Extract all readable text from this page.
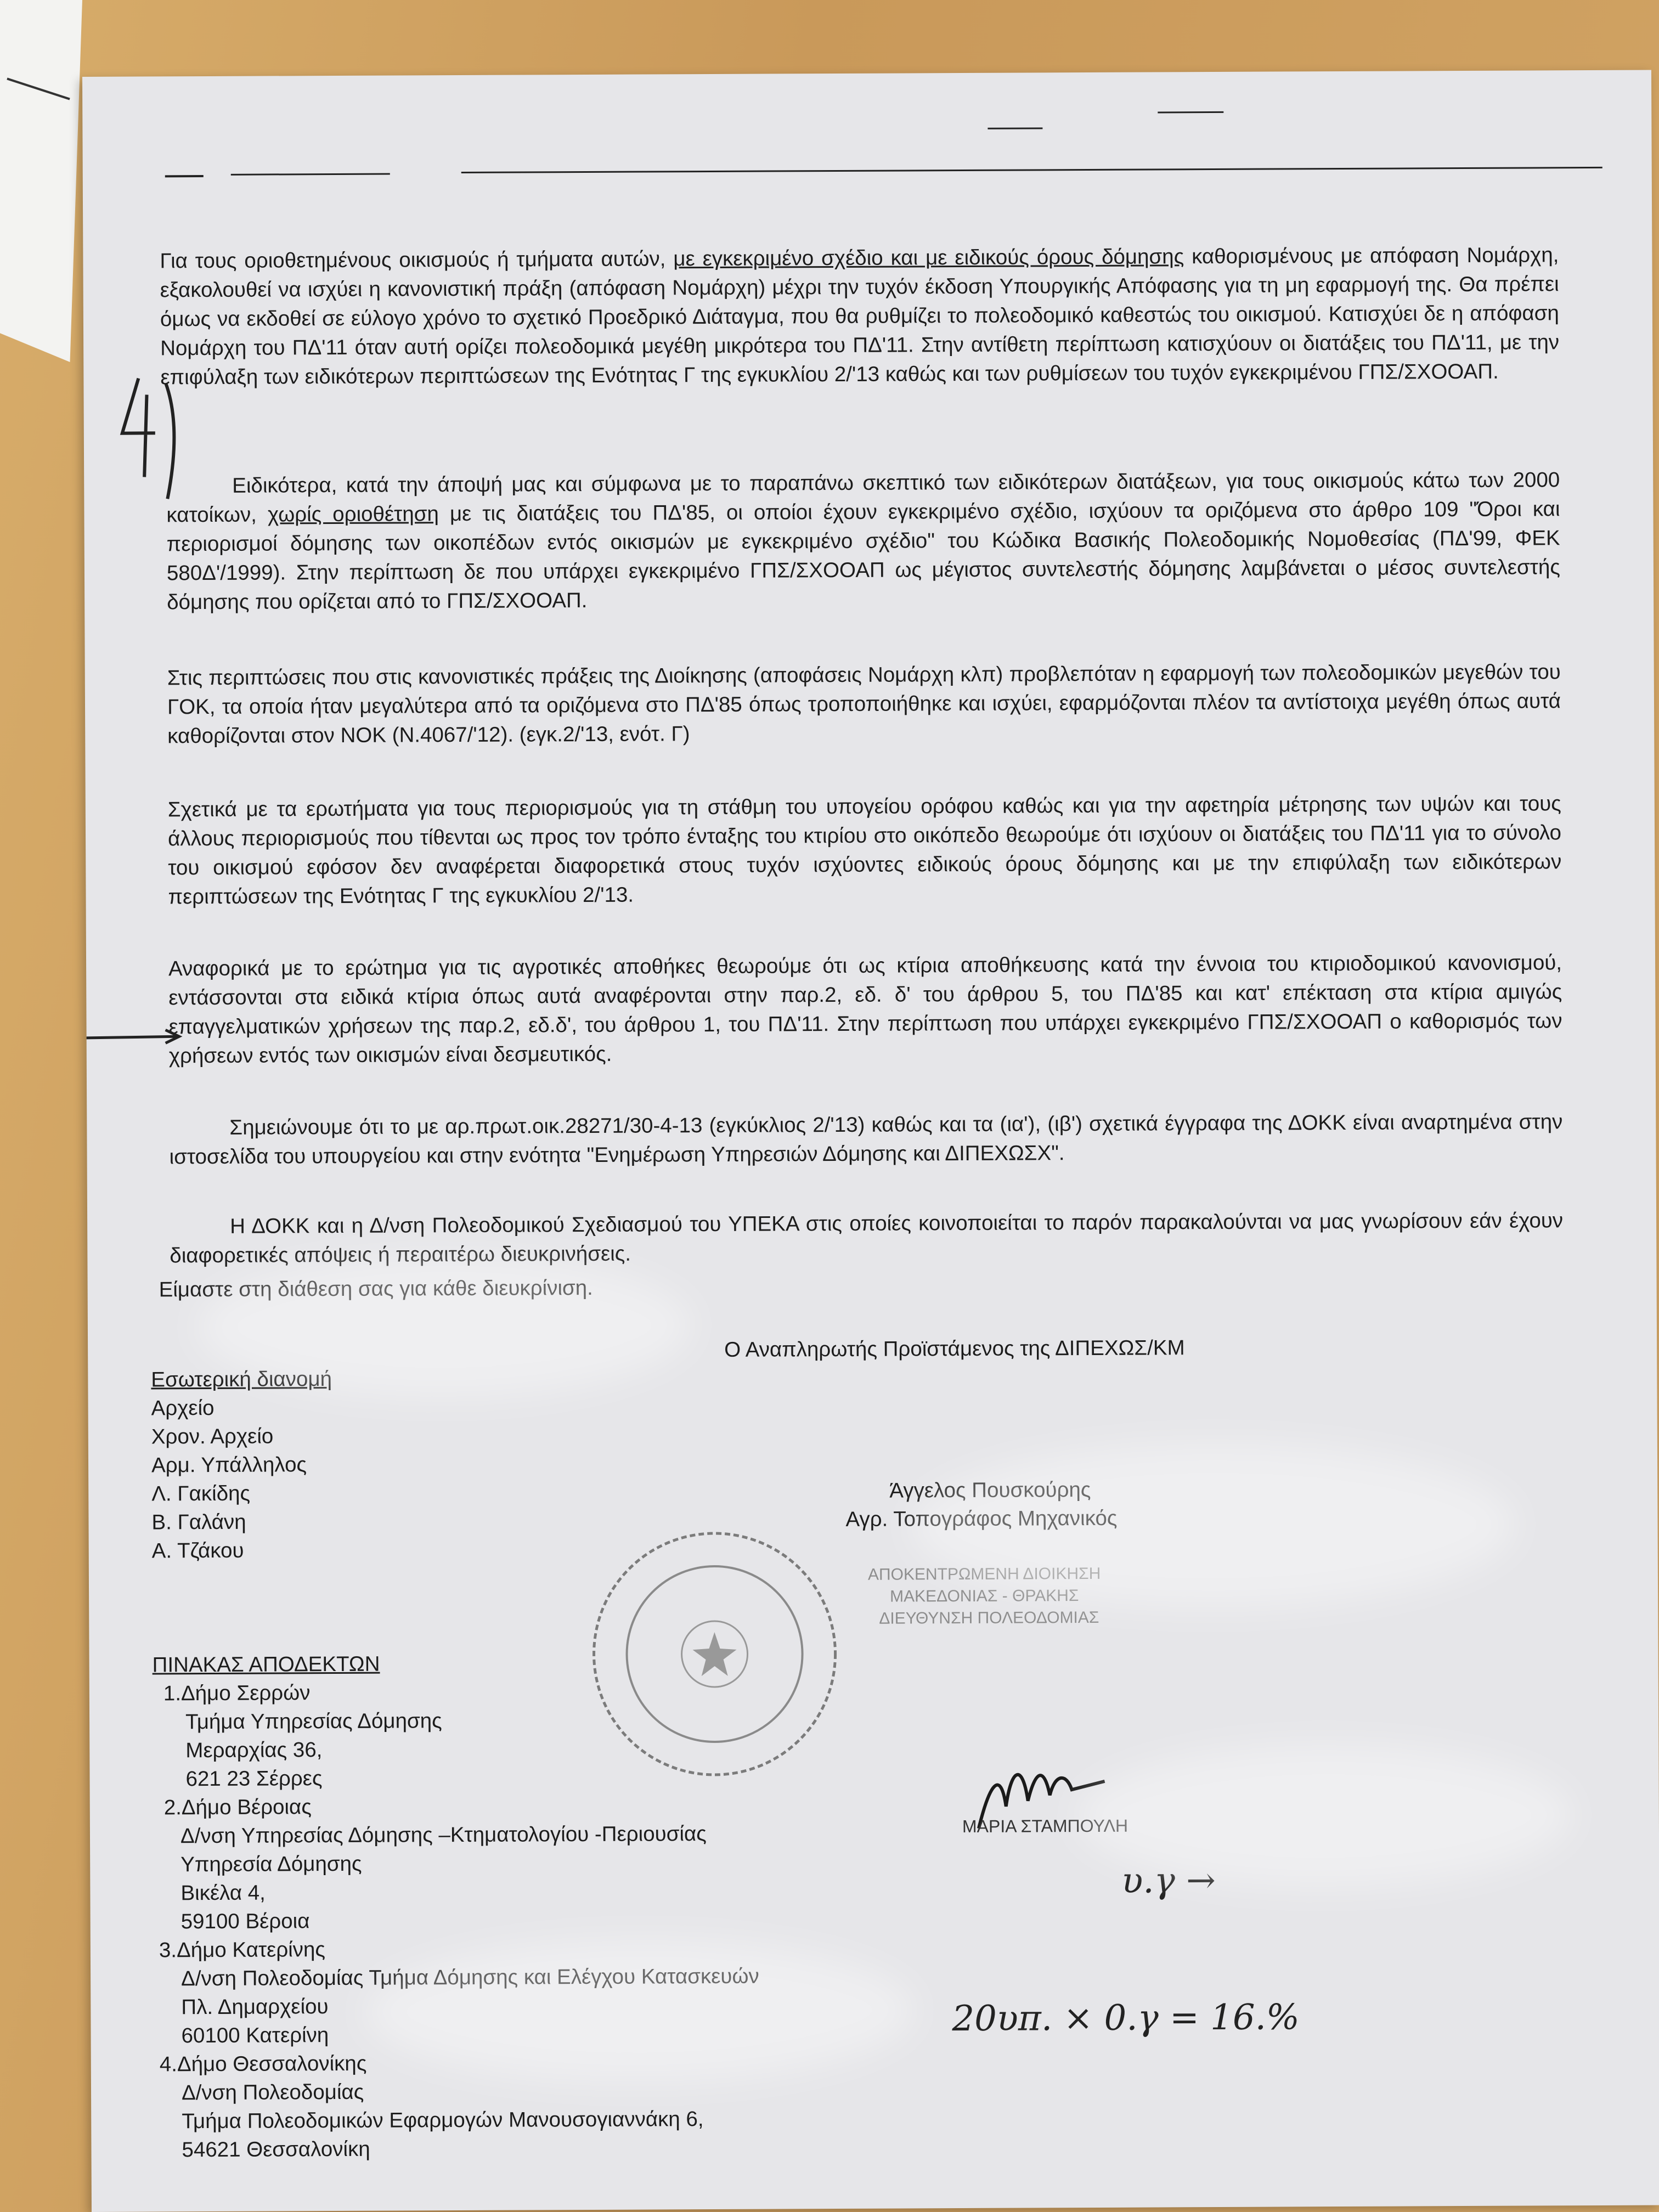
Για τους οριοθετημένους οικισμούς ή τμήματα αυτών, με εγκεκριμένο σχέδιο και με ειδικούς όρους δόμησης καθορισμένους με απόφαση Νομάρχη, εξακολουθεί να ισχύει η κανονιστική πράξη (απόφαση Νομάρχη) μέχρι την τυχόν έκδοση Υπουργικής Απόφασης για τη μη εφαρμογή της. Θα πρέπει όμως να εκδοθεί σε εύλογο χρόνο το σχετικό Προεδρικό Διάταγμα, που θα ρυθμίζει το πολεοδομικό καθεστώς του οικισμού. Κατισχύει δε η απόφαση Νομάρχη του ΠΔ'11 όταν αυτή ορίζει πολεοδομικά μεγέθη μικρότερα του ΠΔ'11. Στην αντίθετη περίπτωση κατισχύουν οι διατάξεις του ΠΔ'11, με την επιφύλαξη των ειδικότερων περιπτώσεων της Ενότητας Γ της εγκυκλίου 2/'13 καθώς και των ρυθμίσεων του τυχόν εγκεκριμένου ΓΠΣ/ΣΧΟΟΑΠ.
Ειδικότερα, κατά την άποψή μας και σύμφωνα με το παραπάνω σκεπτικό των ειδικότερων διατάξεων, για τους οικισμούς κάτω των 2000 κατοίκων, χωρίς οριοθέτηση με τις διατάξεις του ΠΔ'85, οι οποίοι έχουν εγκεκριμένο σχέδιο, ισχύουν τα οριζόμενα στο άρθρο 109 "Όροι και περιορισμοί δόμησης των οικοπέδων εντός οικισμών με εγκεκριμένο σχέδιο" του Κώδικα Βασικής Πολεοδομικής Νομοθεσίας (ΠΔ'99, ΦΕΚ 580Δ'/1999). Στην περίπτωση δε που υπάρχει εγκεκριμένο ΓΠΣ/ΣΧΟΟΑΠ ως μέγιστος συντελεστής δόμησης λαμβάνεται ο μέσος συντελεστής δόμησης που ορίζεται από το ΓΠΣ/ΣΧΟΟΑΠ.
Στις περιπτώσεις που στις κανονιστικές πράξεις της Διοίκησης (αποφάσεις Νομάρχη κλπ) προβλεπόταν η εφαρμογή των πολεοδομικών μεγεθών του ΓΟΚ, τα οποία ήταν μεγαλύτερα από τα οριζόμενα στο ΠΔ'85 όπως τροποποιήθηκε και ισχύει, εφαρμόζονται πλέον τα αντίστοιχα μεγέθη όπως αυτά καθορίζονται στον ΝΟΚ (Ν.4067/'12). (εγκ.2/'13, ενότ. Γ)
Σχετικά με τα ερωτήματα για τους περιορισμούς για τη στάθμη του υπογείου ορόφου καθώς και για την αφετηρία μέτρησης των υψών και τους άλλους περιορισμούς που τίθενται ως προς τον τρόπο ένταξης του κτιρίου στο οικόπεδο θεωρούμε ότι ισχύουν οι διατάξεις του ΠΔ'11 για το σύνολο του οικισμού εφόσον δεν αναφέρεται διαφορετικά στους τυχόν ισχύοντες ειδικούς όρους δόμησης και με την επιφύλαξη των ειδικότερων περιπτώσεων της Ενότητας Γ της εγκυκλίου 2/'13.
Αναφορικά με το ερώτημα για τις αγροτικές αποθήκες θεωρούμε ότι ως κτίρια αποθήκευσης κατά την έννοια του κτιριοδομικού κανονισμού, εντάσσονται στα ειδικά κτίρια όπως αυτά αναφέρονται στην παρ.2, εδ. δ' του άρθρου 5, του ΠΔ'85 και κατ' επέκταση στα κτίρια αμιγώς επαγγελματικών χρήσεων της παρ.2, εδ.δ', του άρθρου 1, του ΠΔ'11. Στην περίπτωση που υπάρχει εγκεκριμένο ΓΠΣ/ΣΧΟΟΑΠ ο καθορισμός των χρήσεων εντός των οικισμών είναι δεσμευτικός.
Σημειώνουμε ότι το με αρ.πρωτ.οικ.28271/30-4-13 (εγκύκλιος 2/'13) καθώς και τα (ια'), (ιβ') σχετικά έγγραφα της ΔΟΚΚ είναι αναρτημένα στην ιστοσελίδα του υπουργείου και στην ενότητα "Ενημέρωση Υπηρεσιών Δόμησης και ΔΙΠΕΧΩΣΧ".
Η ΔΟΚΚ και η Δ/νση Πολεοδομικού Σχεδιασμού του ΥΠΕΚΑ στις οποίες κοινοποιείται το παρόν παρακαλούνται να μας γνωρίσουν εάν έχουν διαφορετικές απόψεις ή περαιτέρω διευκρινήσεις.
Είμαστε στη διάθεση σας για κάθε διευκρίνιση.
Ο Αναπληρωτής Προϊστάμενος της ΔΙΠΕΧΩΣ/ΚΜ
Εσωτερική διανομή
Αρχείο
Χρον. Αρχείο
Αρμ. Υπάλληλος
Λ. Γακίδης
Β. Γαλάνη
Α. Τζάκου
Άγγελος Πουσκούρης
Αγρ. Τοπογράφος Μηχανικός
ΑΠΟΚΕΝΤΡΩΜΕΝΗ ΔΙΟΙΚΗΣΗ
ΜΑΚΕΔΟΝΙΑΣ - ΘΡΑΚΗΣ
ΔΙΕΥΘΥΝΣΗ ΠΟΛΕΟΔΟΜΙΑΣ
ΜΑΡΙΑ ΣΤΑΜΠΟΥΛΗ
ΠΙΝΑΚΑΣ ΑΠΟΔΕΚΤΩΝ
1.Δήμο Σερρών
Τμήμα Υπηρεσίας Δόμησης
Μεραρχίας 36,
621 23 Σέρρες
2.Δήμο Βέροιας
Δ/νση Υπηρεσίας Δόμησης –Κτηματολογίου -Περιουσίας
Υπηρεσία Δόμησης
Βικέλα 4,
59100 Βέροια
3.Δήμο Κατερίνης
Δ/νση Πολεοδομίας Τμήμα Δόμησης και Ελέγχου Κατασκευών
Πλ. Δημαρχείου
60100 Κατερίνη
4.Δήμο Θεσσαλονίκης
Δ/νση Πολεοδομίας
Τμήμα Πολεοδομικών Εφαρμογών Μανουσογιαννάκη 6,
54621 Θεσσαλονίκη
υ.γ →
20υπ. × 0.γ = 16.%
